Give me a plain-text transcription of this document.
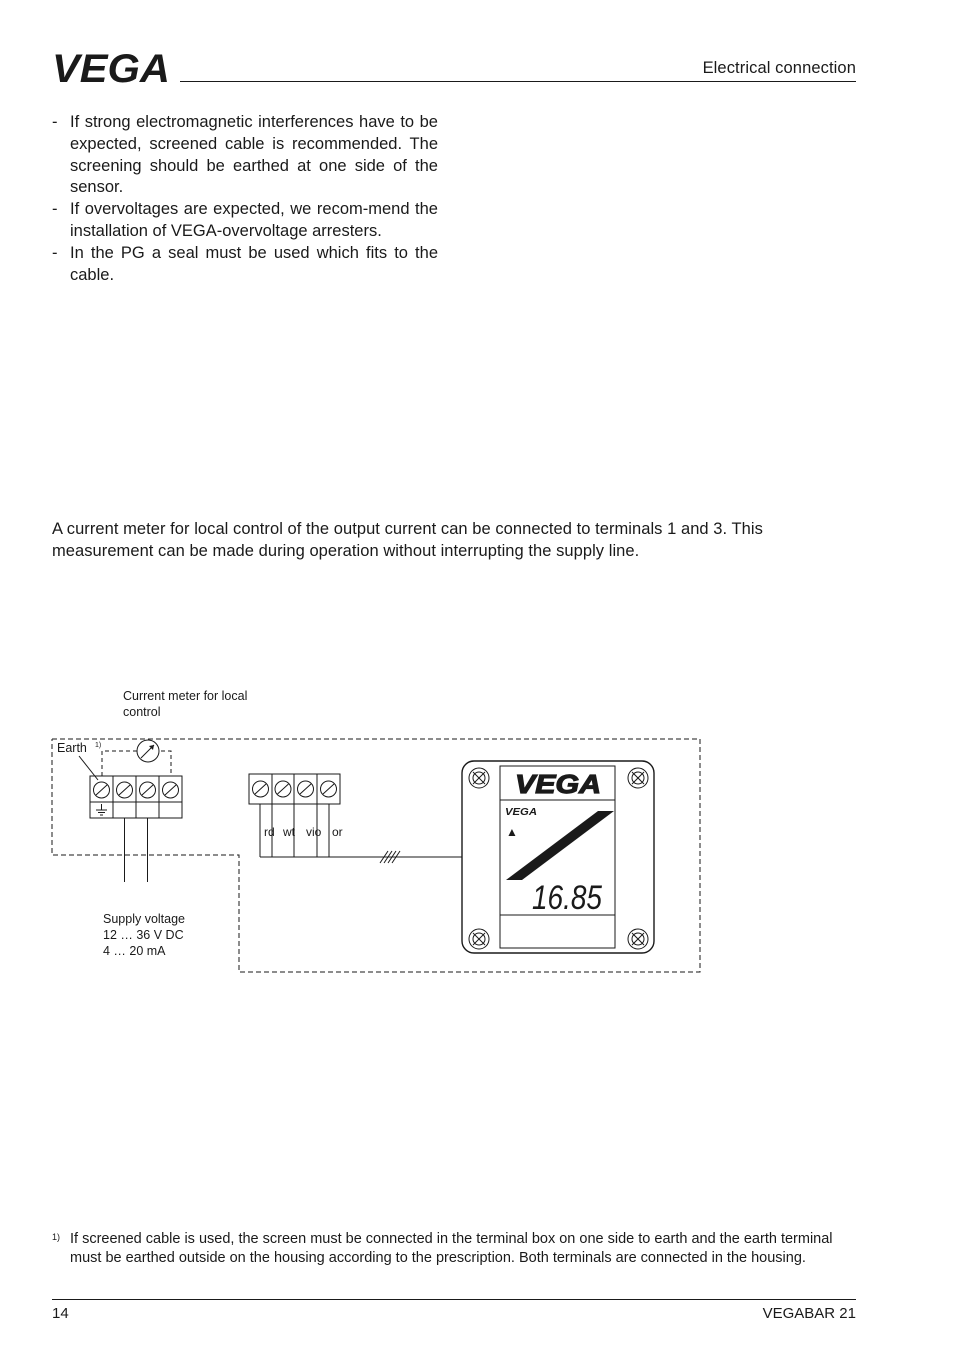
VEGA	Electrical connection
- If strong electromagnetic interferences have to be expected, screened cable is recommended. The screening should be earthed at one side of the sensor.
- If overvoltages are expected, we recom-mend the installation of VEGA-overvoltage arresters.
- In the PG a seal must be used which fits to the cable.

A current meter for local control of the output current can be connected to terminals 1 and 3. This measurement can be made during operation without interrupting the supply line.

Current meter for local
control
Earth 1)
Supply voltage
12 … 36 V DC
4 … 20 mA
rd wt vio or
VEGA
VEGA
▲
16.85
1) If screened cable is used, the screen must be connected in the terminal box on one side to earth and the earth terminal must be earthed outside on the housing according to the prescription. Both terminals are connected in the housing.
14	VEGABAR 21
